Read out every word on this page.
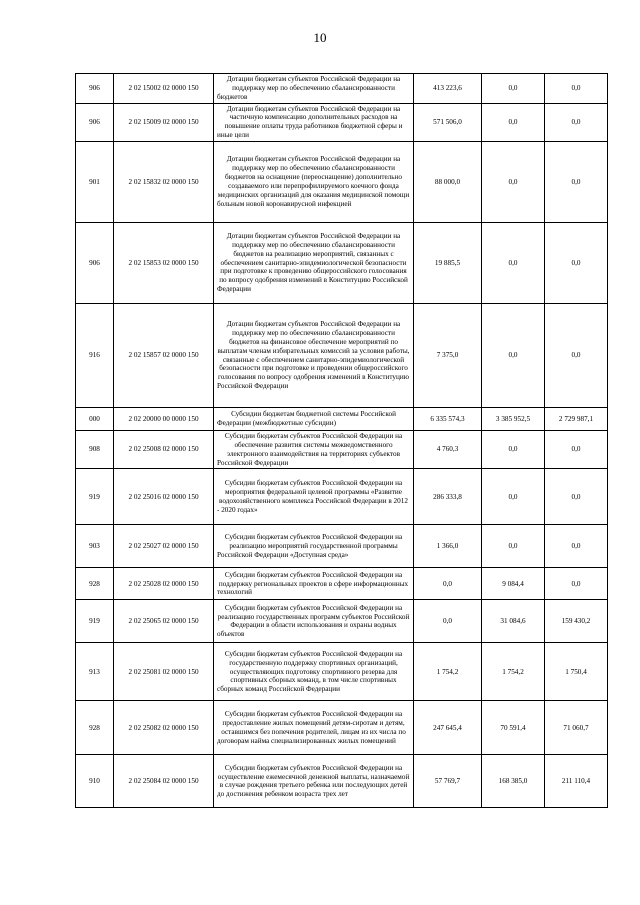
10
906	2 02 15002 02 0000 150	Дотации бюджетам субъектов Российской Федерации на поддержку мер по обеспечению сбалансированности бюджетов	413 223,6	0,0	0,0
906	2 02 15009 02 0000 150	Дотации бюджетам субъектов Российской Федерации на частичную компенсацию дополнительных расходов на повышение оплаты труда работников бюджетной сферы и иные цели	571 506,0	0,0	0,0
901	2 02 15832 02 0000 150	Дотации бюджетам субъектов Российской Федерации на поддержку мер по обеспечению сбалансированности бюджетов на оснащение (переоснащение) дополнительно создаваемого или перепрофилируемого коечного фонда медицинских организаций для оказания медицинской помощи больным новой коронавирусной инфекцией	88 000,0	0,0	0,0
906	2 02 15853 02 0000 150	Дотации бюджетам субъектов Российской Федерации на поддержку мер по обеспечению сбалансированности бюджетов на реализацию мероприятий, связанных с обеспечением санитарно-эпидемиологической безопасности при подготовке к проведению общероссийского голосования по вопросу одобрения изменений в Конституцию Российской Федерации	19 885,5	0,0	0,0
916	2 02 15857 02 0000 150	Дотации бюджетам субъектов Российской Федерации на поддержку мер по обеспечению сбалансированности бюджетов на финансовое обеспечение мероприятий по выплатам членам избирательных комиссий за условия работы, связанные с обеспечением санитарно-эпидемиологической безопасности при подготовке и проведении общероссийского голосования по вопросу одобрения изменений в Конституцию Российской Федерации	7 375,0	0,0	0,0
000	2 02 20000 00 0000 150	Субсидии бюджетам бюджетной системы Российской Федерации (межбюджетные субсидии)	6 335 574,3	3 385 952,5	2 729 987,1
908	2 02 25008 02 0000 150	Субсидии бюджетам субъектов Российской Федерации на обеспечение развития системы межведомственного электронного взаимодействия на территориях субъектов Российской Федерации	4 760,3	0,0	0,0
919	2 02 25016 02 0000 150	Субсидии бюджетам субъектов Российской Федерации на мероприятия федеральной целевой программы «Развитие водохозяйственного комплекса Российской Федерации в 2012 - 2020 годах»	286 333,8	0,0	0,0
903	2 02 25027 02 0000 150	Субсидии бюджетам субъектов Российской Федерации на реализацию мероприятий государственной программы Российской Федерации «Доступная среда»	1 366,0	0,0	0,0
928	2 02 25028 02 0000 150	Субсидии бюджетам субъектов Российской Федерации на поддержку региональных проектов в сфере информационных технологий	0,0	9 084,4	0,0
919	2 02 25065 02 0000 150	Субсидии бюджетам субъектов Российской Федерации на реализацию государственных программ субъектов Российской Федерации в области использования и охраны водных объектов	0,0	31 084,6	159 430,2
913	2 02 25081 02 0000 150	Субсидии бюджетам субъектов Российской Федерации на государственную поддержку спортивных организаций, осуществляющих подготовку спортивного резерва для спортивных сборных команд, в том числе спортивных сборных команд Российской Федерации	1 754,2	1 754,2	1 750,4
928	2 02 25082 02 0000 150	Субсидии бюджетам субъектов Российской Федерации на предоставление жилых помещений детям-сиротам и детям, оставшимся без попечения родителей, лицам из их числа по договорам найма специализированных жилых помещений	247 645,4	70 591,4	71 060,7
910	2 02 25084 02 0000 150	Субсидии бюджетам субъектов Российской Федерации на осуществление ежемесячной денежной выплаты, назначаемой в случае рождения третьего ребенка или последующих детей до достижения ребенком возраста трех лет	57 769,7	168 385,0	211 110,4
